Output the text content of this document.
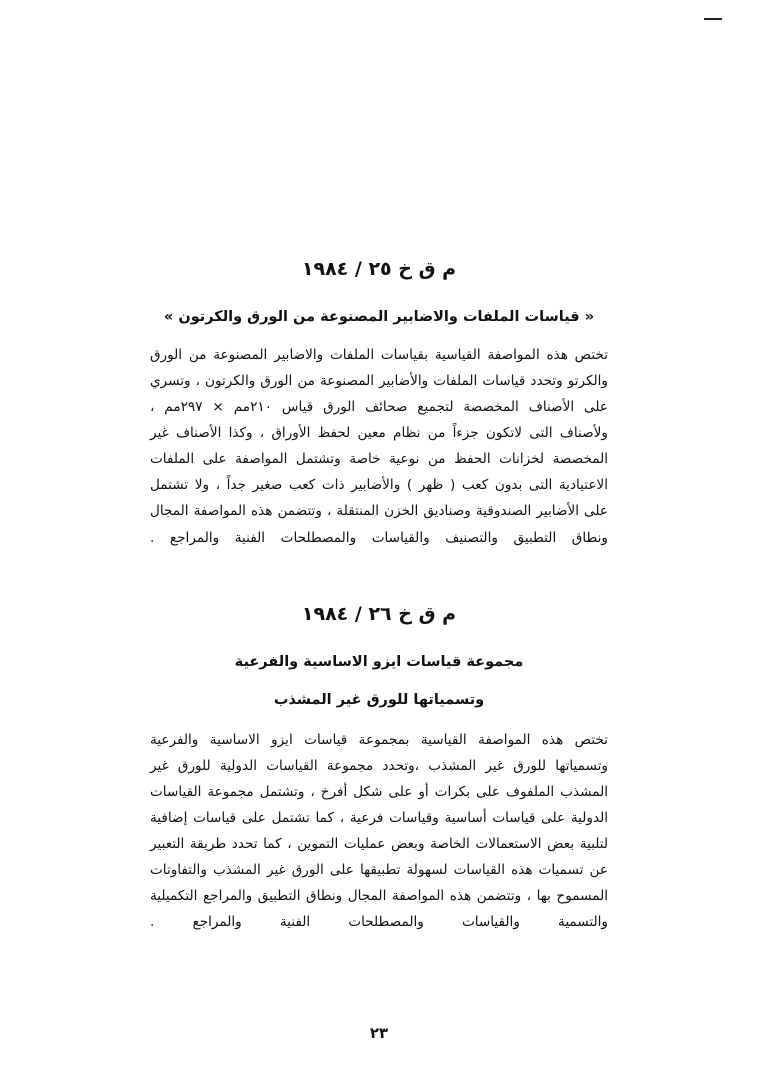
م ق خ ٢٥ / ١٩٨٤
« قياسات الملفات والاضابير المصنوعة من الورق والكرتون »

تختص هذه المواصفة القياسية بقياسات الملفات والاضابير المصنوعة من الورق والكرتو وتحدد قياسات الملفات والأضابير المصنوعة من الورق والكرتون ، وتسري على الأصناف المخصصة لتجميع صحائف الورق قياس ٢١٠مم × ٢٩٧مم ، ولأصناف التى لاتكون جزءاً من نظام معين لحفظ الأوراق ، وكذا الأصناف غير المخصصة لخزانات الحفظ من نوعية خاصة وتشتمل المواصفة على الملفات الاعتيادية التى بدون كعب ( ظهر ) والأضابير ذات كعب صغير جداً ، ولا تشتمل على الأضابير الصندوقية وصناديق الخزن المنتقلة ، وتتضمن هذه المواصفة المجال ونطاق التطبيق والتصنيف والقياسات والمصطلحات الفنية والمراجع .

م ق خ ٢٦ / ١٩٨٤
مجموعة قياسات ايزو الاساسية والفرعية
وتسمياتها للورق غير المشذب

تختص هذه المواصفة القياسية بمجموعة قياسات ايزو الاساسية والفرعية وتسمياتها للورق غير المشذب ،وتحدد مجموعة القياسات الدولية للورق غير المشذب الملفوف على بكرات أو على شكل أفرخ ، وتشتمل مجموعة القياسات الدولية على قياسات أساسية وقياسات فرعية ، كما تشتمل على قياسات إضافية لتلبية بعض الاستعمالات الخاصة وبعض عمليات التموين ، كما تحدد طريقة التعبير عن تسميات هذه القياسات لسهولة تطبيقها على الورق غير المشذب والتفاوتات المسموح بها ، وتتضمن هذه المواصفة المجال ونطاق التطبيق والمراجع التكميلية والتسمية والقياسات والمصطلحات الفنية والمراجع .

٢٣
